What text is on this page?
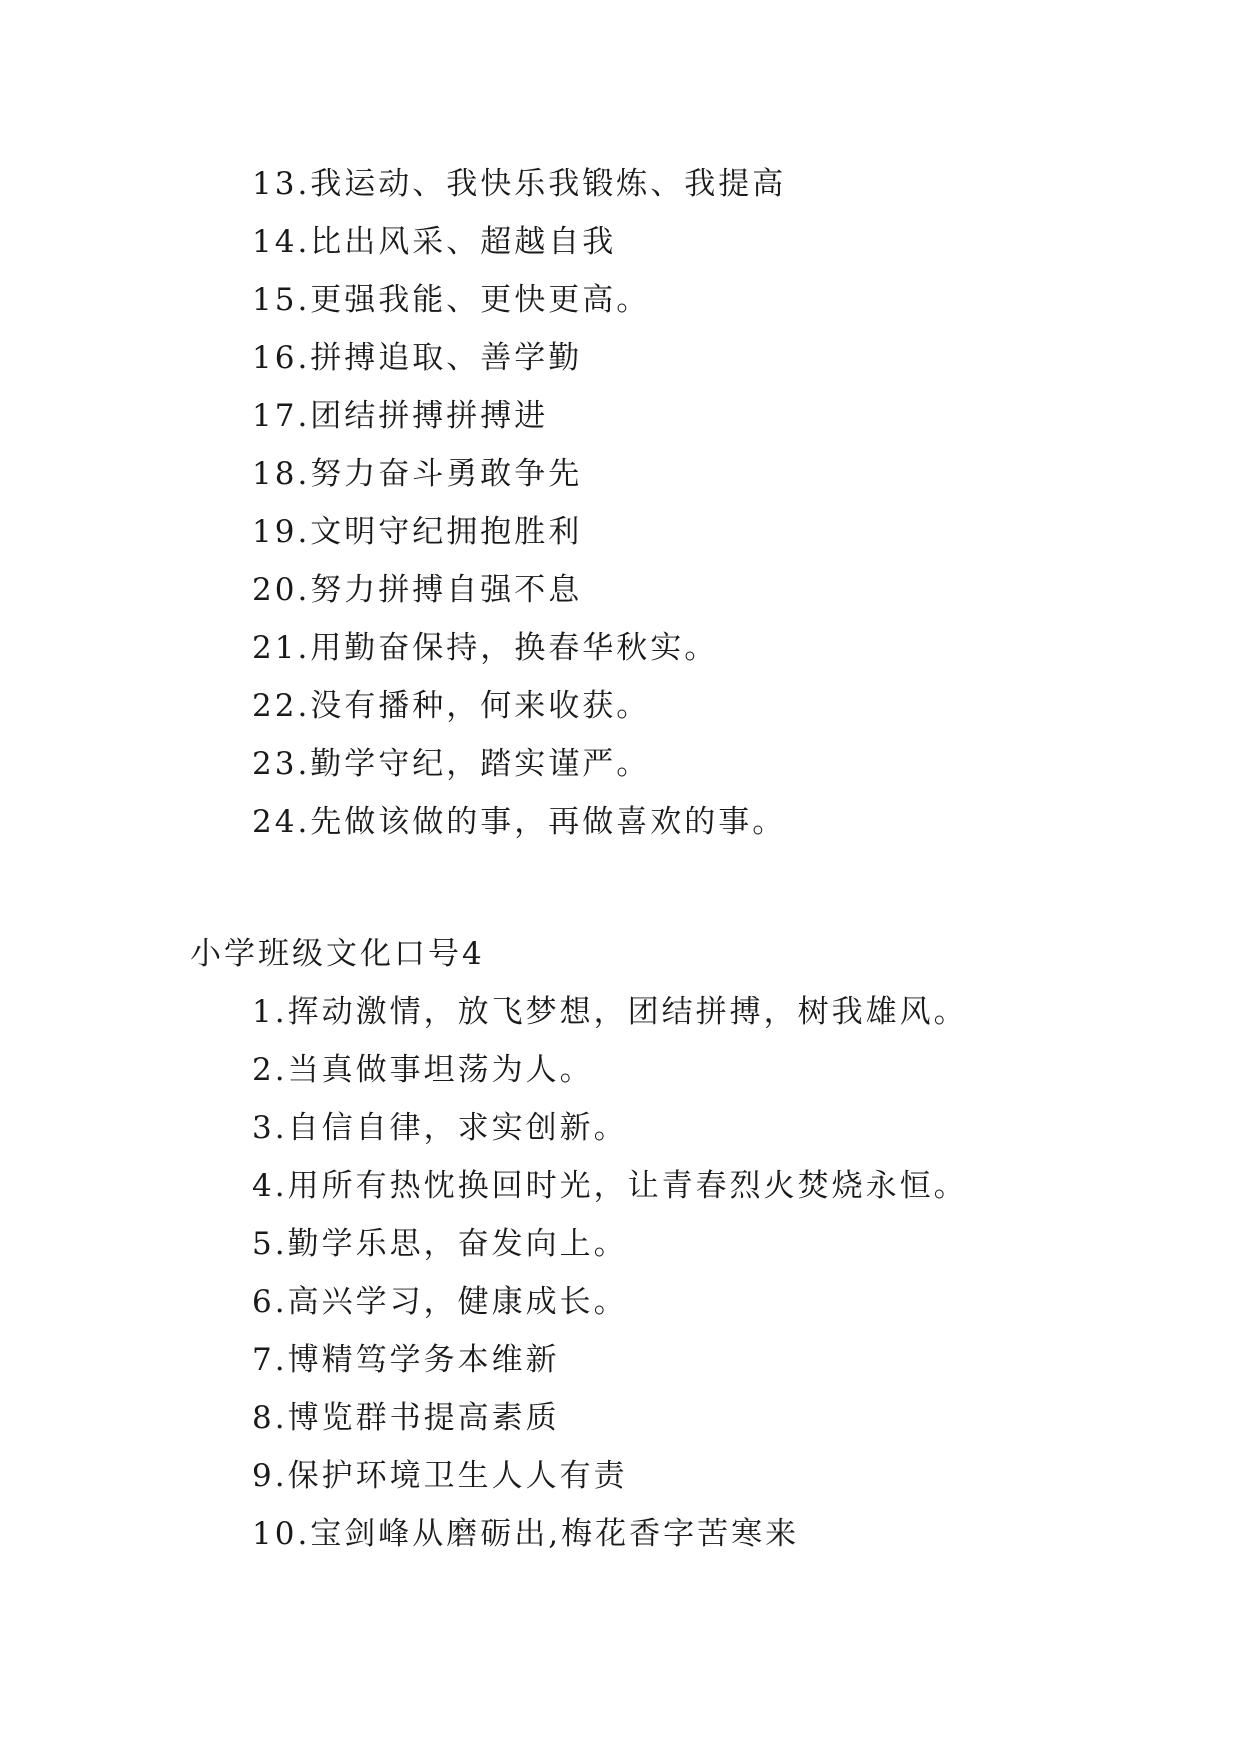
13.我运动、我快乐我锻炼、我提高
14.比出风采、超越自我
15.更强我能、更快更高。
16.拼搏追取、善学勤
17.团结拼搏拼搏进
18.努力奋斗勇敢争先
19.文明守纪拥抱胜利
20.努力拼搏自强不息
21.用勤奋保持，换春华秋实。
22.没有播种，何来收获。
23.勤学守纪，踏实谨严。
24.先做该做的事，再做喜欢的事。
小学班级文化口号4
1.挥动激情，放飞梦想，团结拼搏，树我雄风。
2.当真做事坦荡为人。
3.自信自律，求实创新。
4.用所有热忱换回时光，让青春烈火焚烧永恒。
5.勤学乐思，奋发向上。
6.高兴学习，健康成长。
7.博精笃学务本维新
8.博览群书提高素质
9.保护环境卫生人人有责
10.宝剑峰从磨砺出,梅花香字苦寒来
